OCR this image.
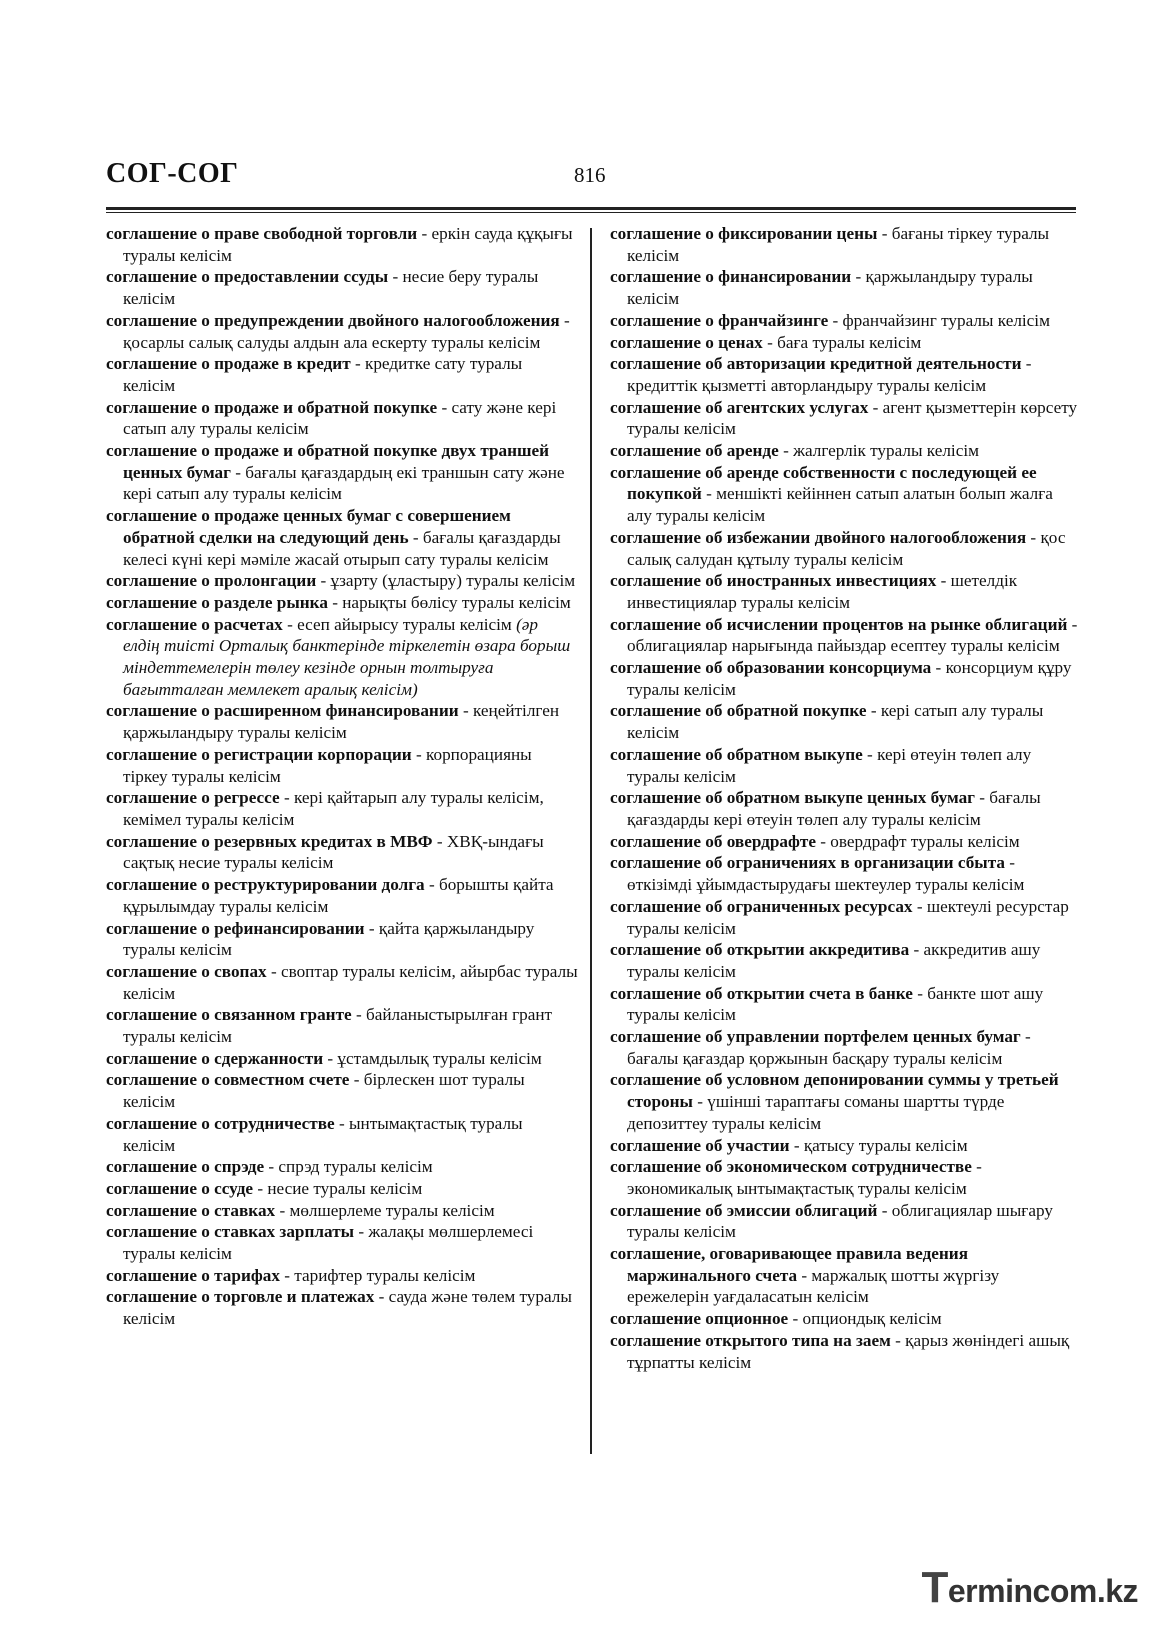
СОГ-СОГ	816

соглашение о праве свободной торговли - еркін сауда құқығы туралы келісім

соглашение о предоставлении ссуды - несие беру туралы келісім

соглашение о предупреждении двойного налогообложения - қосарлы салық салуды алдын ала ескерту туралы келісім

соглашение о продаже в кредит - кредитке сату туралы келісім

соглашение о продаже и обратной покупке - сату және кері сатып алу туралы келісім

соглашение о продаже и обратной покупке двух траншей ценных бумаг - бағалы қағаздардың екі траншын сату және кері сатып алу туралы келісім

соглашение о продаже ценных бумаг с совершением обратной сделки на следующий день - бағалы қағаздарды келесі күні кері мәміле жасай отырып сату туралы келісім

соглашение о пролонгации - ұзарту (ұластыру) туралы келісім

соглашение о разделе рынка - нарықты бөлісу туралы келісім

соглашение о расчетах - есеп айырысу туралы келісім (әр елдің тиісті Орталық банктерінде тіркелетін өзара борыш міндеттемелерін төлеу кезінде орнын толтыруға бағытталған мемлекет аралық келісім)

соглашение о расширенном финансировании - кеңейтілген қаржыландыру туралы келісім

соглашение о регистрации корпорации - корпорацияны тіркеу туралы келісім

соглашение о регрессе - кері қайтарып алу туралы келісім, кемімел туралы келісім

соглашение о резервных кредитах в МВФ - ХВҚ-ындағы сақтық несие туралы келісім

соглашение о реструктурировании долга - борышты қайта құрылымдау туралы келісім

соглашение о рефинансировании - қайта қаржыландыру туралы келісім

соглашение о свопах - своптар туралы келісім, айырбас туралы келісім

соглашение о связанном гранте - байланыстырылған грант туралы келісім

соглашение о сдержанности - ұстамдылық туралы келісім

соглашение о совместном счете - бірлескен шот туралы келісім

соглашение о сотрудничестве - ынтымақтастық туралы келісім

соглашение о спрэде - спрэд туралы келісім

соглашение о ссуде - несие туралы келісім

соглашение о ставках - мөлшерлеме туралы келісім

соглашение о ставках зарплаты - жалақы мөлшерлемесі туралы келісім

соглашение о тарифах - тарифтер туралы келісім

соглашение о торговле и платежах - сауда және төлем туралы келісім

соглашение о фиксировании цены - бағаны тіркеу туралы келісім

соглашение о финансировании - қаржыландыру туралы келісім

соглашение о франчайзинге - франчайзинг туралы келісім

соглашение о ценах - баға туралы келісім

соглашение об авторизации кредитной деятельности - кредиттік қызметті авторландыру туралы келісім

соглашение об агентских услугах - агент қызметтерін көрсету туралы келісім

соглашение об аренде - жалгерлік туралы келісім

соглашение об аренде собственности с последующей ее покупкой - меншікті кейіннен сатып алатын болып жалға алу туралы келісім

соглашение об избежании двойного налогообложения - қос салық салудан құтылу туралы келісім

соглашение об иностранных инвестициях - шетелдік инвестициялар туралы келісім

соглашение об исчислении процентов на рынке облигаций - облигациялар нарығында пайыздар есептеу туралы келісім

соглашение об образовании консорциума - консорциум құру туралы келісім

соглашение об обратной покупке - кері сатып алу туралы келісім

соглашение об обратном выкупе - кері өтеуін төлеп алу туралы келісім

соглашение об обратном выкупе ценных бумаг - бағалы қағаздарды кері өтеуін төлеп алу туралы келісім

соглашение об овердрафте - овердрафт туралы келісім

соглашение об ограничениях в организации сбыта - өткізімді ұйымдастырудағы шектеулер туралы келісім

соглашение об ограниченных ресурсах - шектеулі ресурстар туралы келісім

соглашение об открытии аккредитива - аккредитив ашу туралы келісім

соглашение об открытии счета в банке - банкте шот ашу туралы келісім

соглашение об управлении портфелем ценных бумаг - бағалы қағаздар қоржынын басқару туралы келісім

соглашение об условном депонировании суммы у третьей стороны - үшінші тараптағы соманы шартты түрде депозиттеу туралы келісім

соглашение об участии - қатысу туралы келісім

соглашение об экономическом сотрудничестве - экономикалық ынтымақтастық туралы келісім

соглашение об эмиссии облигаций - облигациялар шығару туралы келісім

соглашение, оговаривающее правила ведения маржинального счета - маржалық шотты жүргізу ережелерін уағдаласатын келісім

соглашение опционное - опциондық келісім

соглашение открытого типа на заем - қарыз жөніндегі ашық тұрпатты келісім

Termincom.kz
